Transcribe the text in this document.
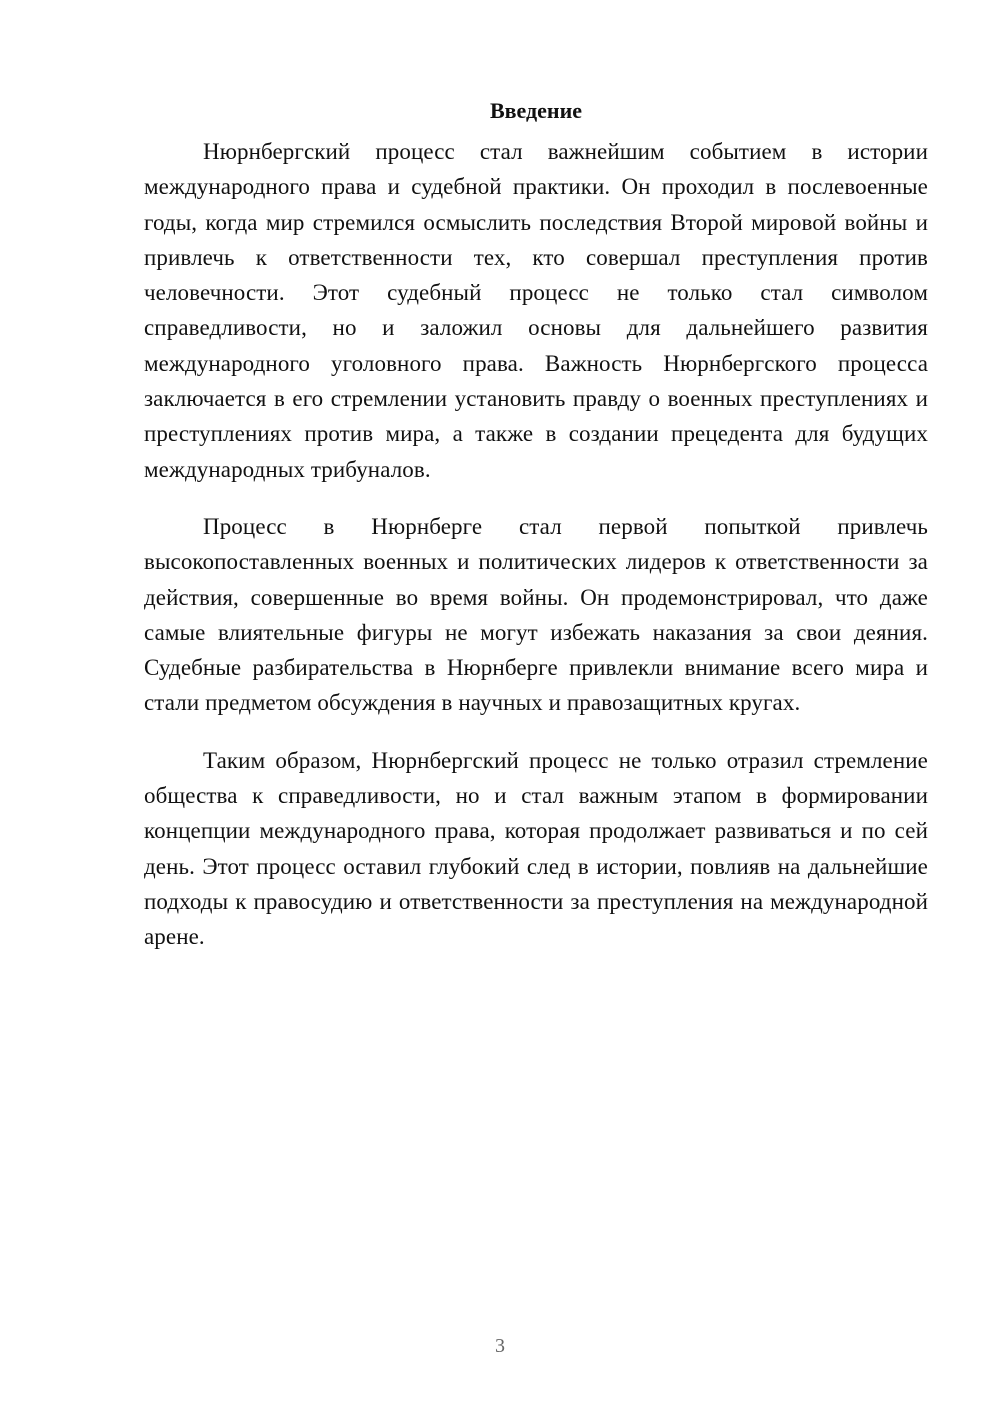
Введение

Нюрнбергский процесс стал важнейшим событием в истории международного права и судебной практики. Он проходил в послевоенные годы, когда мир стремился осмыслить последствия Второй мировой войны и привлечь к ответственности тех, кто совершал преступления против человечности. Этот судебный процесс не только стал символом справедливости, но и заложил основы для дальнейшего развития международного уголовного права. Важность Нюрнбергского процесса заключается в его стремлении установить правду о военных преступлениях и преступлениях против мира, а также в создании прецедента для будущих международных трибуналов.

Процесс в Нюрнберге стал первой попыткой привлечь высокопоставленных военных и политических лидеров к ответственности за действия, совершенные во время войны. Он продемонстрировал, что даже самые влиятельные фигуры не могут избежать наказания за свои деяния. Судебные разбирательства в Нюрнберге привлекли внимание всего мира и стали предметом обсуждения в научных и правозащитных кругах.

Таким образом, Нюрнбергский процесс не только отразил стремление общества к справедливости, но и стал важным этапом в формировании концепции международного права, которая продолжает развиваться и по сей день. Этот процесс оставил глубокий след в истории, повлияв на дальнейшие подходы к правосудию и ответственности за преступления на международной арене.

3
